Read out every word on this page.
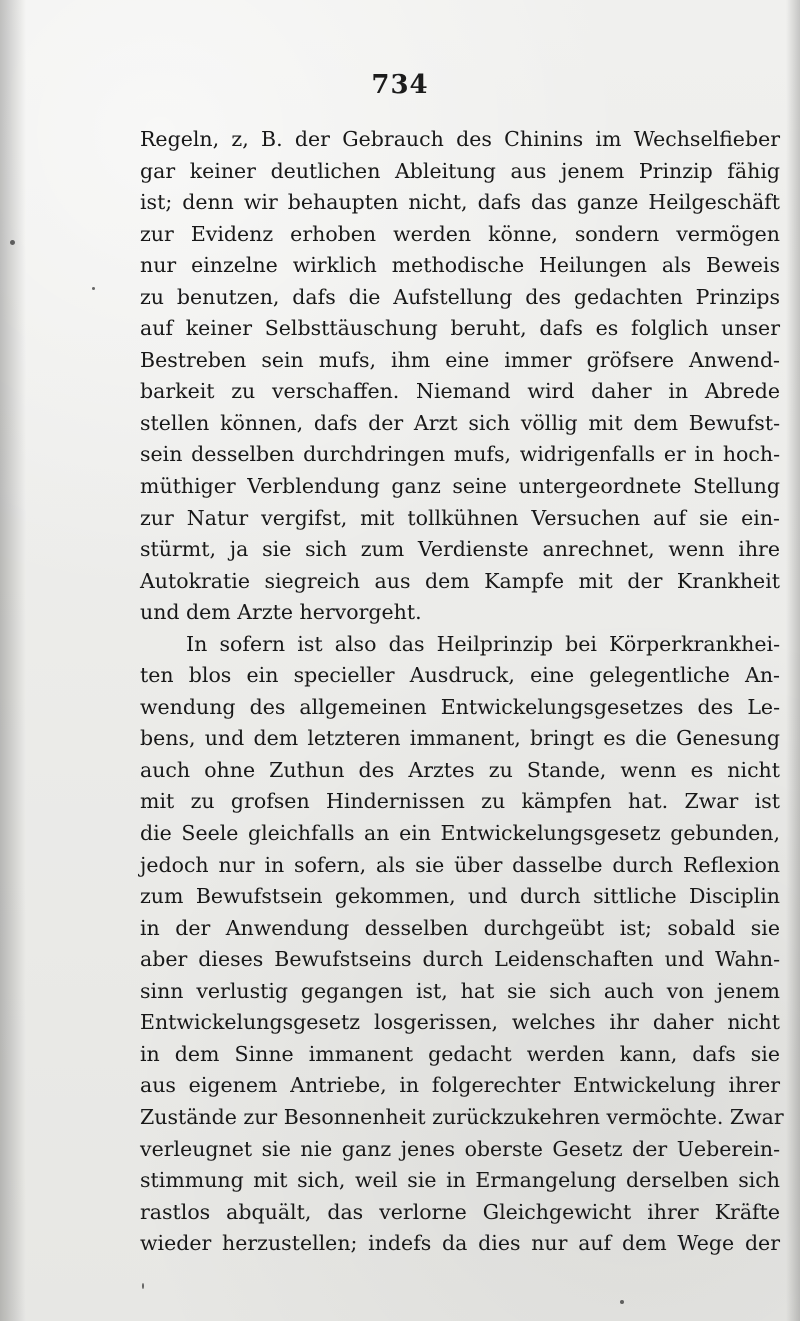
734
Regeln, z, B. der Gebrauch des Chinins im Wechselfieber
gar keiner deutlichen Ableitung aus jenem Prinzip fähig
ist; denn wir behaupten nicht, dafs das ganze Heilgeschäft
zur Evidenz erhoben werden könne, sondern vermögen
nur einzelne wirklich methodische Heilungen als Beweis
zu benutzen, dafs die Aufstellung des gedachten Prinzips
auf keiner Selbsttäuschung beruht, dafs es folglich unser
Bestreben sein mufs, ihm eine immer gröfsere Anwend-
barkeit zu verschaffen. Niemand wird daher in Abrede
stellen können, dafs der Arzt sich völlig mit dem Bewufst-
sein desselben durchdringen mufs, widrigenfalls er in hoch-
müthiger Verblendung ganz seine untergeordnete Stellung
zur Natur vergifst, mit tollkühnen Versuchen auf sie ein-
stürmt, ja sie sich zum Verdienste anrechnet, wenn ihre
Autokratie siegreich aus dem Kampfe mit der Krankheit
und dem Arzte hervorgeht.
In sofern ist also das Heilprinzip bei Körperkrankhei-
ten blos ein specieller Ausdruck, eine gelegentliche An-
wendung des allgemeinen Entwickelungsgesetzes des Le-
bens, und dem letzteren immanent, bringt es die Genesung
auch ohne Zuthun des Arztes zu Stande, wenn es nicht
mit zu grofsen Hindernissen zu kämpfen hat. Zwar ist
die Seele gleichfalls an ein Entwickelungsgesetz gebunden,
jedoch nur in sofern, als sie über dasselbe durch Reflexion
zum Bewufstsein gekommen, und durch sittliche Disciplin
in der Anwendung desselben durchgeübt ist; sobald sie
aber dieses Bewufstseins durch Leidenschaften und Wahn-
sinn verlustig gegangen ist, hat sie sich auch von jenem
Entwickelungsgesetz losgerissen, welches ihr daher nicht
in dem Sinne immanent gedacht werden kann, dafs sie
aus eigenem Antriebe, in folgerechter Entwickelung ihrer
Zustände zur Besonnenheit zurückzukehren vermöchte. Zwar
verleugnet sie nie ganz jenes oberste Gesetz der Ueberein-
stimmung mit sich, weil sie in Ermangelung derselben sich
rastlos abquält, das verlorne Gleichgewicht ihrer Kräfte
wieder herzustellen; indefs da dies nur auf dem Wege der
